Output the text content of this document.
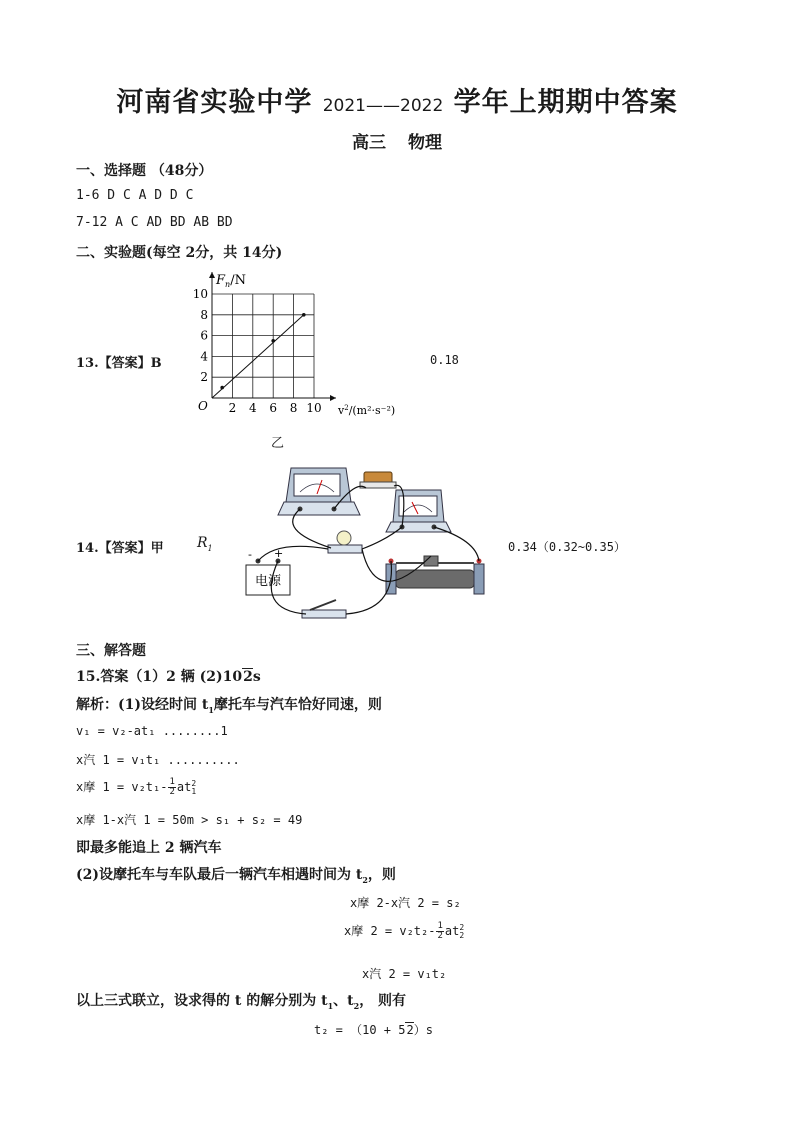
河南省实验中学 2021——2022 学年上期期中答案
高三 物理
一、选择题 （48分）
1-6 D C A D D C
7-12 A C AD BD AB BD
二、实验题(每空 2分，共 14分)
13.【答案】B	0.18
2 4 6 8 10
2
4
6
8
10
$F_n/N$
$v^2/(m^2\cdot s^{-2})$
O
乙
14.【答案】甲 $R_1$	0.34（0.32~0.35）
电源
- +
三、解答题
15.答案（1）2 辆 (2)102s
解析：(1)设经时间 $t_1$摩托车与汽车恰好同速，则
v₁ = v₂-at₁ ........1
x汽 1 = v₁t₁ ..........
x摩 $1 = v_2t_1- \frac{1}{2}$ at 2
1
x摩 1-x汽 1 = 50m > s₁ + s₂ = 49
即最多能追上 2 辆汽车
(2)设摩托车与车队最后一辆汽车相遇时间为 $t_2$，则
x摩 2-x汽 2 = s₂
x摩 $2 = v_2t_2- \frac{1}{2}$ at 2
2
x汽 2 = v₁t₂
以上三式联立，设求得的 t 的解分别为 $t_1$、$t_2$， 则有
t₂ = （10 + 52）s
